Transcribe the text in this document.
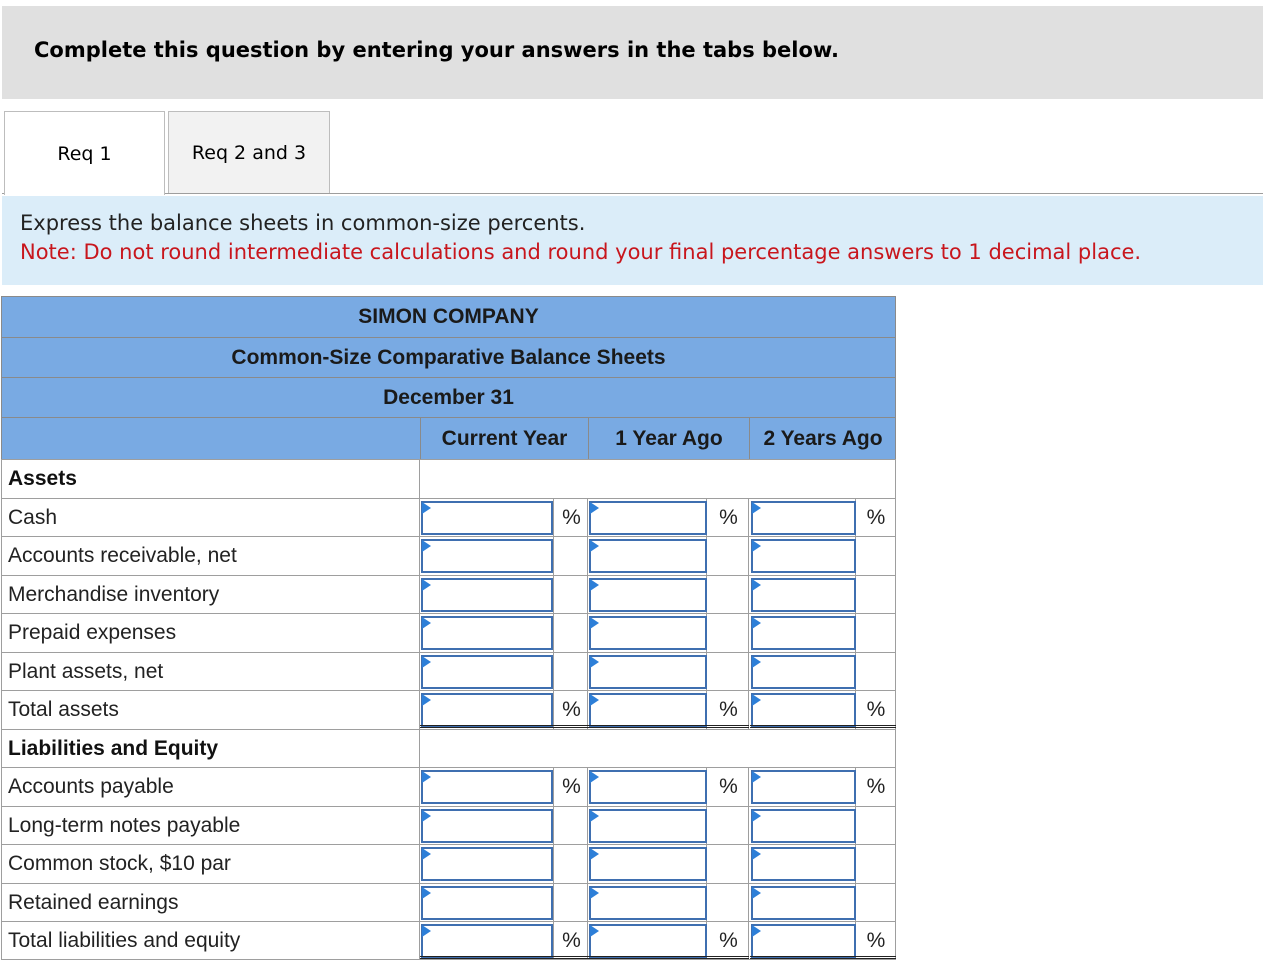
Complete this question by entering your answers in the tabs below.
Req 1	Req 2 and 3
Express the balance sheets in common-size percents.
Note: Do not round intermediate calculations and round your final percentage answers to 1 decimal place.
SIMON COMPANY
Common-Size Comparative Balance Sheets
December 31
Current Year	1 Year Ago	2 Years Ago
Assets
Cash	%	%	%
Accounts receivable, net
Merchandise inventory
Prepaid expenses
Plant assets, net
Total assets	%	%	%
Liabilities and Equity
Accounts payable	%	%	%
Long-term notes payable
Common stock, $10 par
Retained earnings
Total liabilities and equity	%	%	%
